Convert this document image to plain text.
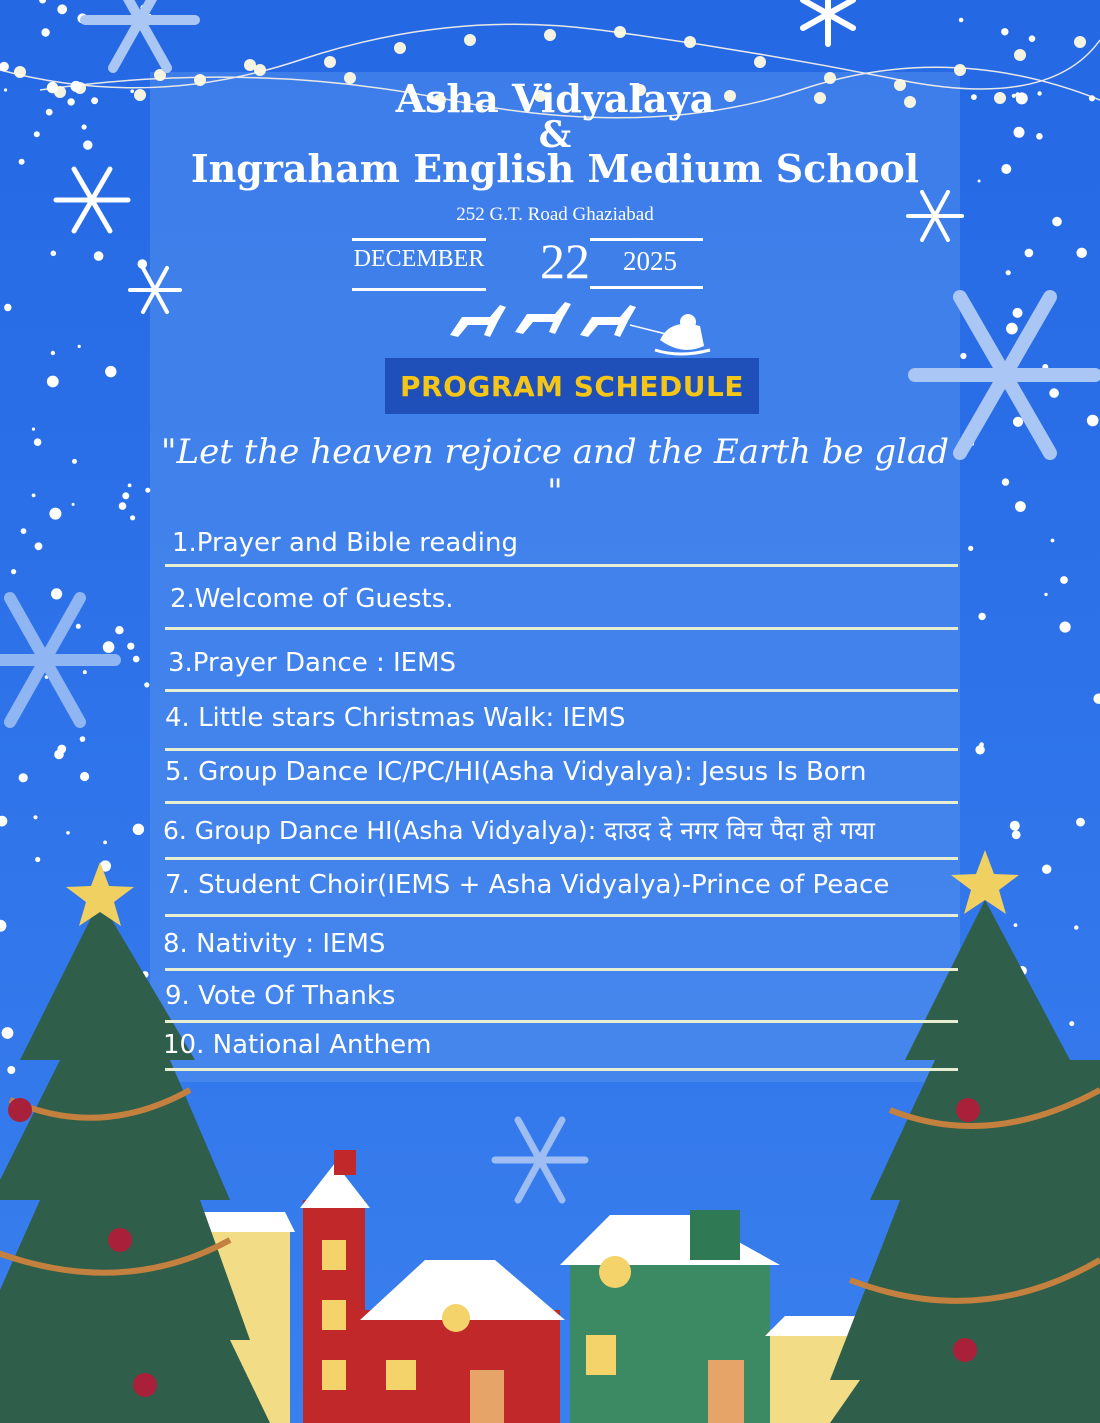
Asha Vidyalaya
&
Ingraham English Medium School
252 G.T. Road Ghaziabad
DECEMBER 22	2025
PROGRAM SCHEDULE
"Let the heaven rejoice and the Earth be glad "
1.Prayer and Bible reading
2.Welcome of Guests.
3.Prayer Dance : IEMS
4. Little stars Christmas Walk: IEMS
5. Group Dance IC/PC/HI(Asha Vidyalya): Jesus Is Born
6. Group Dance HI(Asha Vidyalya): दाउद दे नगर विच पैदा हो गया
7. Student Choir(IEMS + Asha Vidyalya)-Prince of Peace
8. Nativity : IEMS
9. Vote Of Thanks
10. National Anthem
